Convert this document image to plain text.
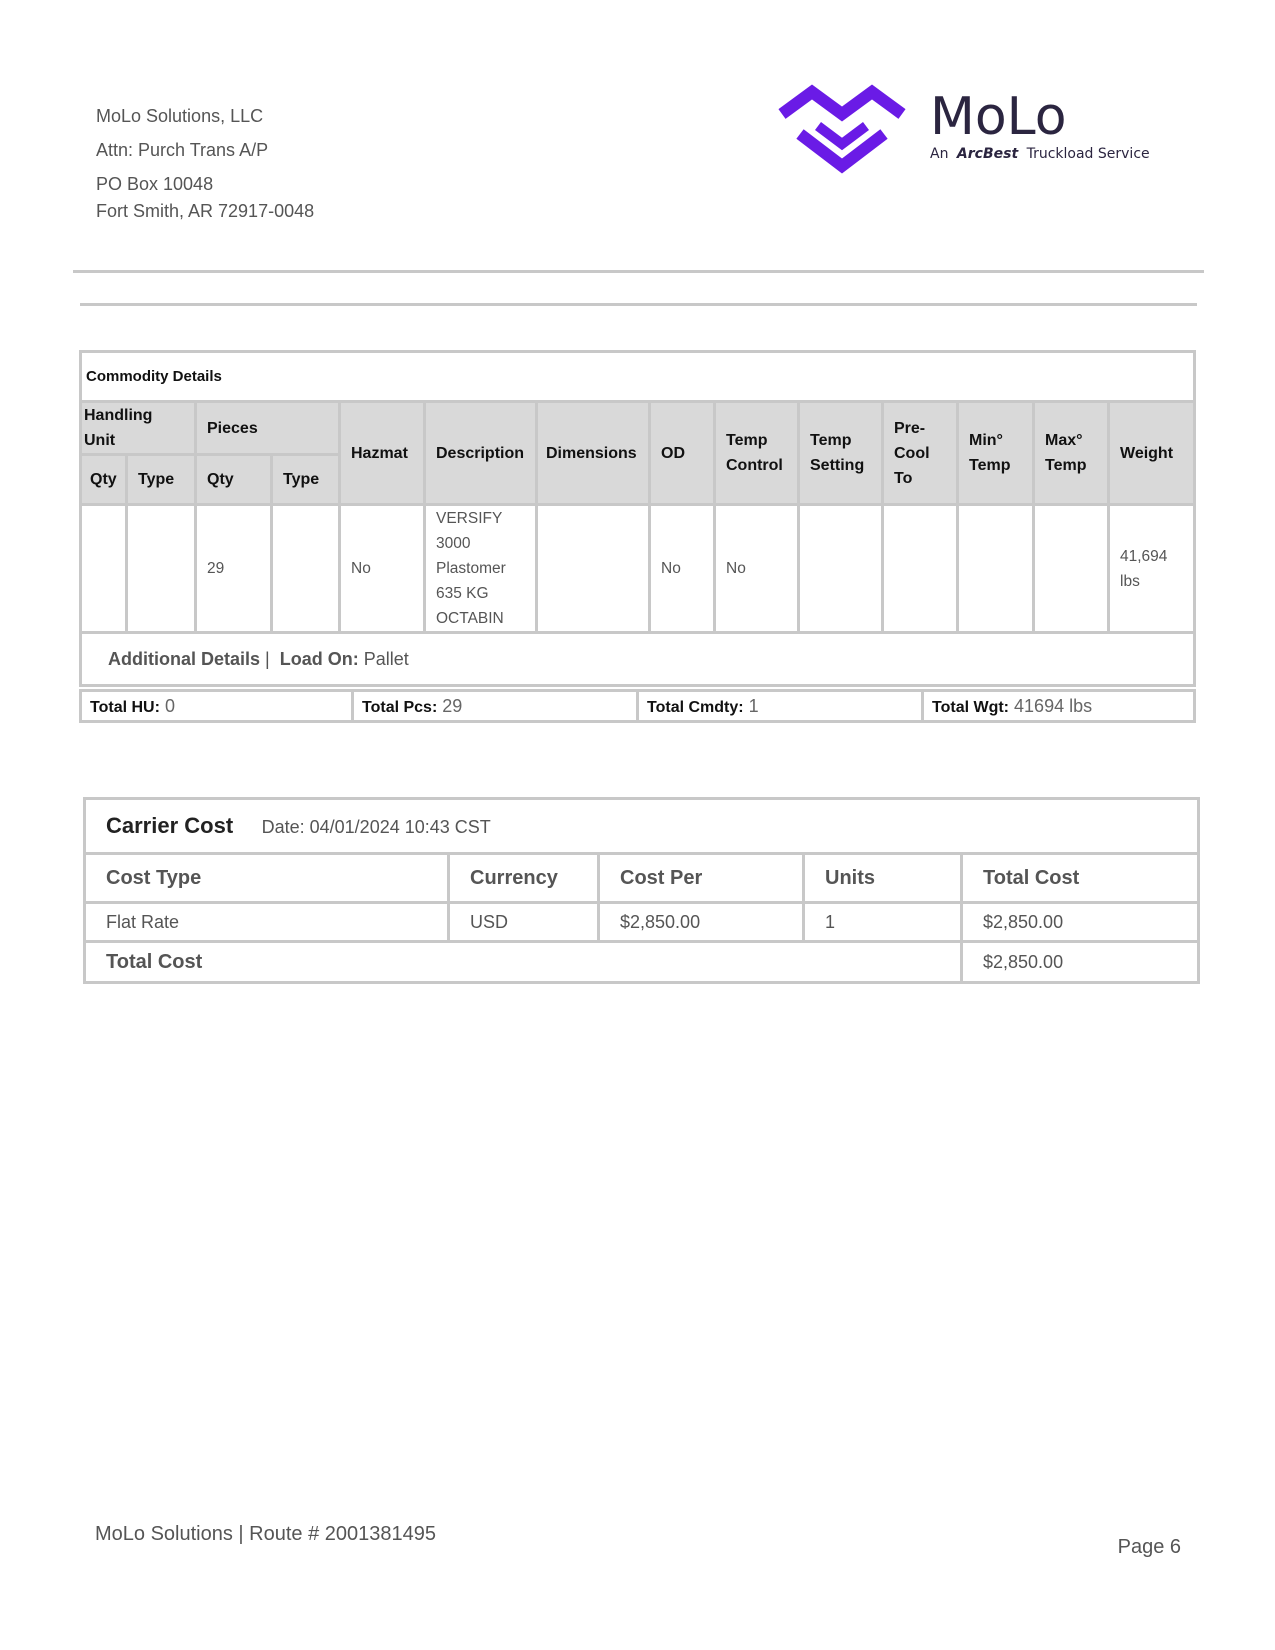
MoLo Solutions, LLC
Attn: Purch Trans A/P
PO Box 10048
Fort Smith, AR 72917-0048
MoLo
An ArcBest Truckload Service
Commodity Details													
Handling Unit		Pieces		Hazmat	Description	Dimensions	OD	Temp Control	Temp Setting	Pre- Cool To	Min° Temp	Max° Temp	Weight
Qty	Type	Qty	Type										
		29		No	VERSIFY 3000 Plastomer 635 KG OCTABIN		No	No					41,694 lbs
Additional Details | Load On: Pallet													
Total HU: 0	Total Pcs: 29	Total Cmdty: 1	Total Wgt: 41694 lbs
Carrier Cost Date: 04/01/2024 10:43 CST				
Cost Type	Currency	Cost Per	Units	Total Cost
Flat Rate	USD	$2,850.00	1	$2,850.00
Total Cost				$2,850.00
MoLo Solutions | Route # 2001381495
Page 6
